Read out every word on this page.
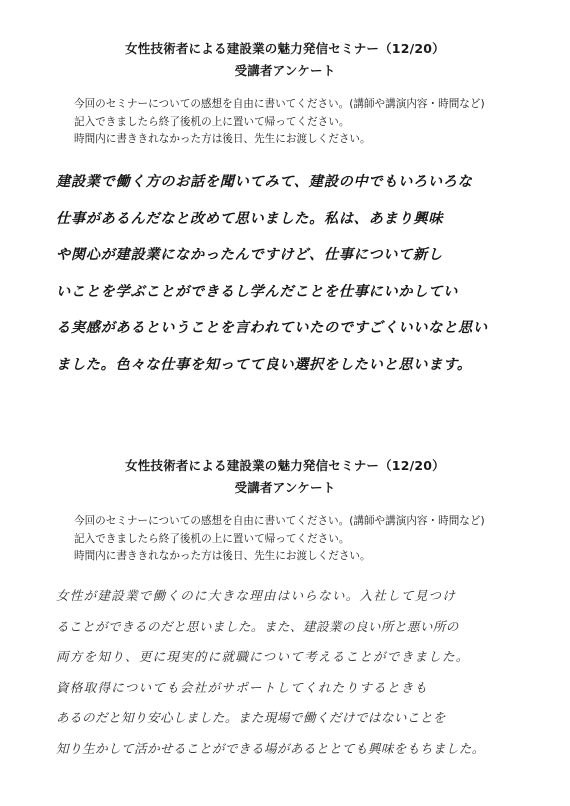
女性技術者による建設業の魅力発信セミナー（12/20）
受講者アンケート
今回のセミナーについての感想を自由に書いてください。(講師や講演内容・時間など)
記入できましたら終了後机の上に置いて帰ってください。
時間内に書ききれなかった方は後日、先生にお渡しください。
建設業で働く方のお話を聞いてみて、建設の中でもいろいろな
仕事があるんだなと改めて思いました。私は、あまり興味
や関心が建設業になかったんですけど、仕事について新し
いことを学ぶことができるし学んだことを仕事にいかしてい
る実感があるということを言われていたのですごくいいなと思い
ました。色々な仕事を知ってて良い選択をしたいと思います。
女性技術者による建設業の魅力発信セミナー（12/20）
受講者アンケート
今回のセミナーについての感想を自由に書いてください。(講師や講演内容・時間など)
記入できましたら終了後机の上に置いて帰ってください。
時間内に書ききれなかった方は後日、先生にお渡しください。
女性が建設業で働くのに大きな理由はいらない。入社して見つけ
ることができるのだと思いました。また、建設業の良い所と悪い所の
両方を知り、更に現実的に就職について考えることができました。
資格取得についても会社がサポートしてくれたりするときも
あるのだと知り安心しました。また現場で働くだけではないことを
知り生かして活かせることができる場があるととても興味をもちました。
